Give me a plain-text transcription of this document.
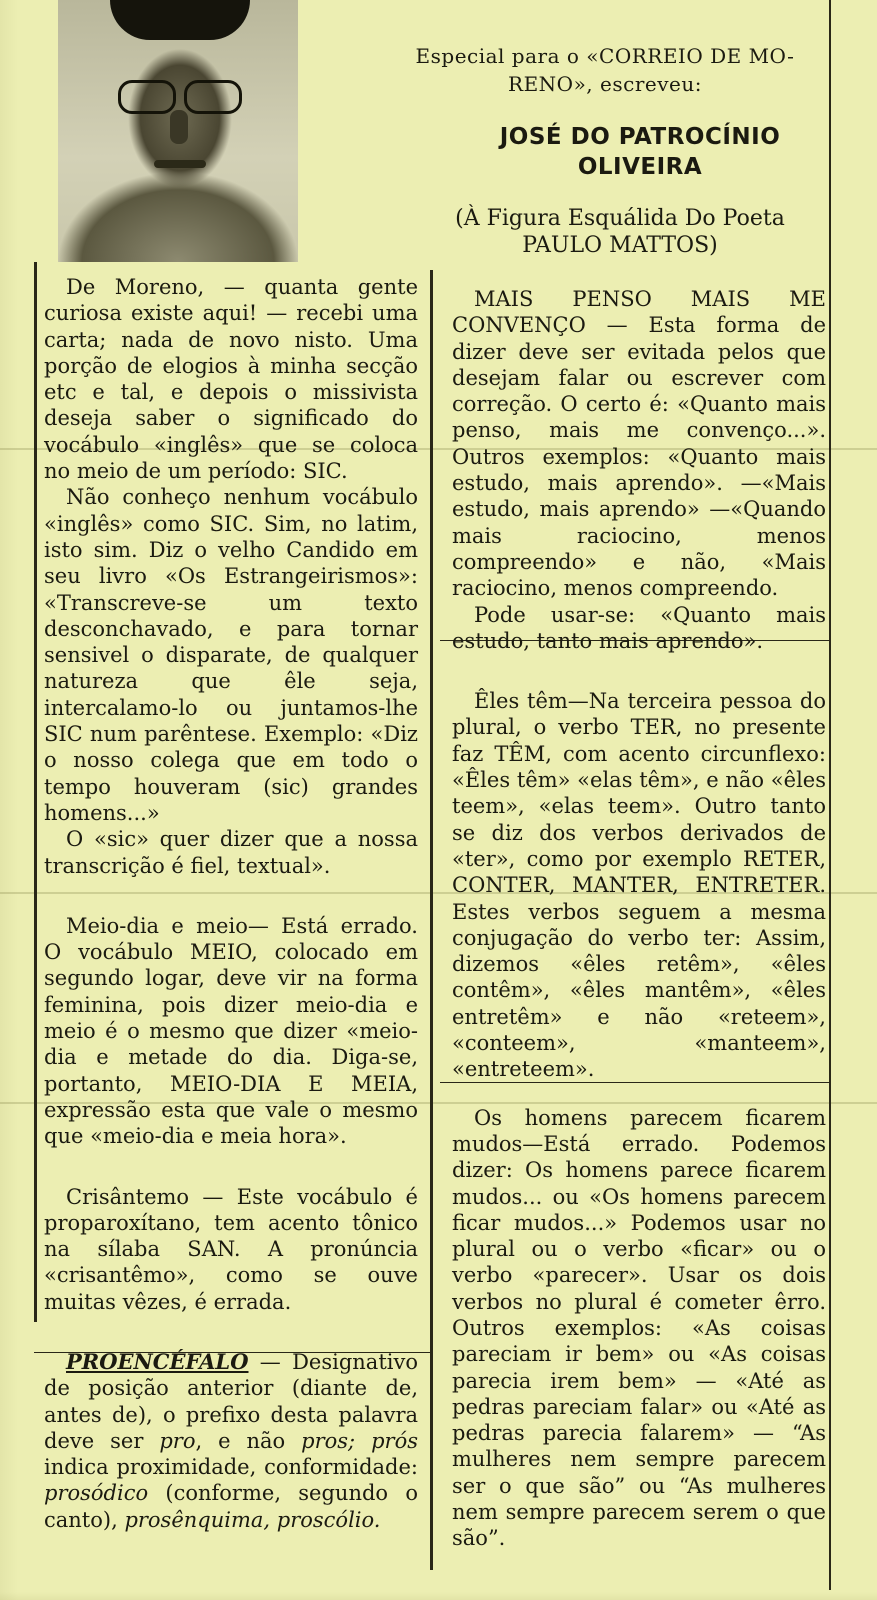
Especial para o «CORREIO DE MO-
RENO», escreveu:
JOSÉ DO PATROCÍNIO
OLIVEIRA
(À Figura Esquálida Do Poeta
PAULO MATTOS)

De Moreno, — quanta gente curiosa existe aqui! — recebi uma carta; nada de novo nisto. Uma porção de elogios à minha secção etc e tal, e depois o missivista deseja saber o significado do vocábulo «inglês» que se coloca no meio de um período: SIC.

Não conheço nenhum vocábulo «inglês» como SIC. Sim, no latim, isto sim. Diz o velho Candido em seu livro «Os Estrangeirismos»: «Transcreve-se um texto desconchavado, e para tornar sensivel o disparate, de qualquer natureza que êle seja, intercalamo-lo ou juntamos-lhe SIC num parêntese. Exemplo: «Diz o nosso colega que em todo o tempo houveram (sic) grandes homens...»

O «sic» quer dizer que a nossa transcrição é fiel, textual».

Meio-dia e meio— Está errado. O vocábulo MEIO, colocado em segundo logar, deve vir na forma feminina, pois dizer meio-dia e meio é o mesmo que dizer «meio-dia e metade do dia. Diga-se, portanto, MEIO-DIA E MEIA, expressão esta que vale o mesmo que «meio-dia e meia hora».

Crisântemo — Este vocábulo é proparoxítano, tem acento tônico na sílaba SAN. A pronúncia «crisantêmo», como se ouve muitas vêzes, é errada.

PROENCÉFALO — Designativo de posição anterior (diante de, antes de), o prefixo desta palavra deve ser pro, e não pros; prós indica proximidade, conformidade: prosódico (conforme, segundo o canto), prosênquima, proscólio.

MAIS PENSO MAIS ME CONVENÇO — Esta forma de dizer deve ser evitada pelos que desejam falar ou escrever com correção. O certo é: «Quanto mais penso, mais me convenço...». Outros exemplos: «Quanto mais estudo, mais aprendo». —«Mais estudo, mais aprendo» —«Quando mais raciocino, menos compreendo» e não, «Mais raciocino, menos compreendo.

Pode usar-se: «Quanto mais estudo, tanto mais aprendo».

Êles têm—Na terceira pessoa do plural, o verbo TER, no presente faz TÊM, com acento circunflexo: «Êles têm» «elas têm», e não «êles teem», «elas teem». Outro tanto se diz dos verbos derivados de «ter», como por exemplo RETER, CONTER, MANTER, ENTRETER. Estes verbos seguem a mesma conjugação do verbo ter: Assim, dizemos «êles retêm», «êles contêm», «êles mantêm», «êles entretêm» e não «reteem», «conteem», «manteem», «entreteem».

Os homens parecem ficarem mudos—Está errado. Podemos dizer: Os homens parece ficarem mudos... ou «Os homens parecem ficar mudos...» Podemos usar no plural ou o verbo «ficar» ou o verbo «parecer». Usar os dois verbos no plural é cometer êrro. Outros exemplos: «As coisas pareciam ir bem» ou «As coisas parecia irem bem» — «Até as pedras pareciam falar» ou «Até as pedras parecia falarem» — “As mulheres nem sempre parecem ser o que são” ou “As mulheres nem sempre parecem serem o que são”.
